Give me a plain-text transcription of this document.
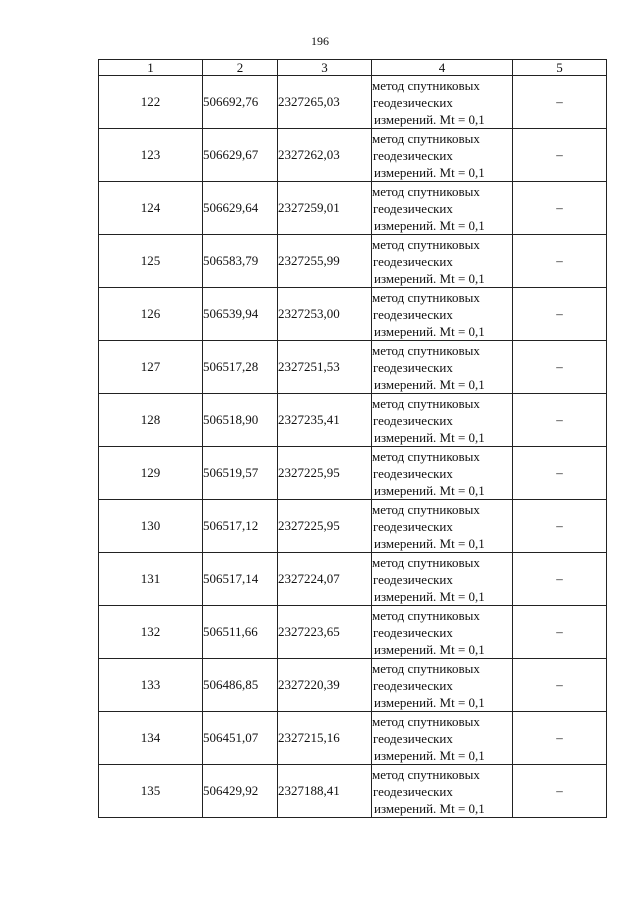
196
1	2	3	4	5
122	506692,76	2327265,03	метод спутниковых
геодезических
измерений. Mt = 0,1	–
123	506629,67	2327262,03	метод спутниковых
геодезических
измерений. Mt = 0,1	–
124	506629,64	2327259,01	метод спутниковых
геодезических
измерений. Mt = 0,1	–
125	506583,79	2327255,99	метод спутниковых
геодезических
измерений. Mt = 0,1	–
126	506539,94	2327253,00	метод спутниковых
геодезических
измерений. Mt = 0,1	–
127	506517,28	2327251,53	метод спутниковых
геодезических
измерений. Mt = 0,1	–
128	506518,90	2327235,41	метод спутниковых
геодезических
измерений. Mt = 0,1	–
129	506519,57	2327225,95	метод спутниковых
геодезических
измерений. Mt = 0,1	–
130	506517,12	2327225,95	метод спутниковых
геодезических
измерений. Mt = 0,1	–
131	506517,14	2327224,07	метод спутниковых
геодезических
измерений. Mt = 0,1	–
132	506511,66	2327223,65	метод спутниковых
геодезических
измерений. Mt = 0,1	–
133	506486,85	2327220,39	метод спутниковых
геодезических
измерений. Mt = 0,1	–
134	506451,07	2327215,16	метод спутниковых
геодезических
измерений. Mt = 0,1	–
135	506429,92	2327188,41	метод спутниковых
геодезических
измерений. Mt = 0,1	–
